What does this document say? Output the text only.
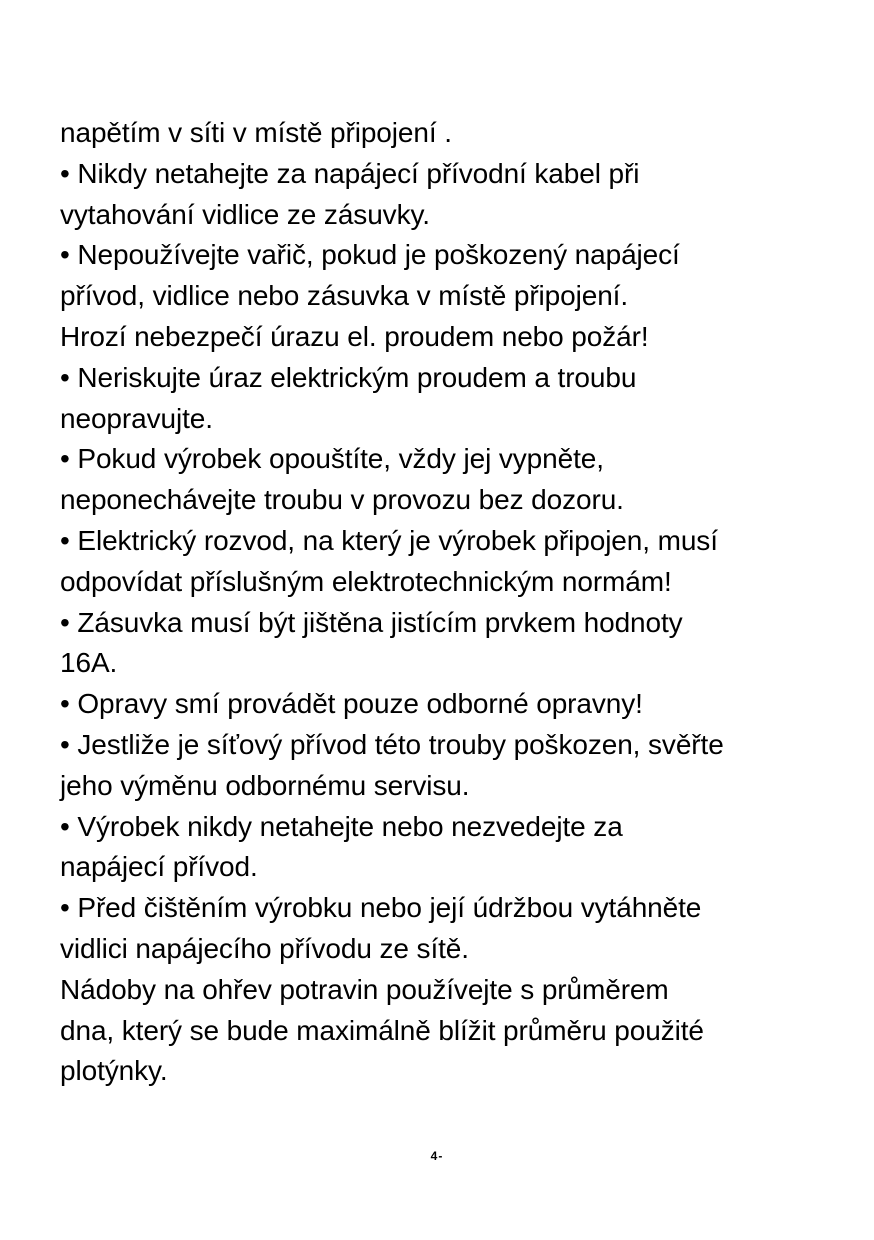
napětím v síti v místě připojení .
• Nikdy netahejte za napájecí přívodní kabel při
vytahování vidlice ze zásuvky.
• Nepoužívejte vařič, pokud je poškozený napájecí
přívod, vidlice nebo zásuvka v místě připojení.
Hrozí nebezpečí úrazu el. proudem nebo požár!
• Neriskujte úraz elektrickým proudem a troubu
neopravujte.
• Pokud výrobek opouštíte, vždy jej vypněte,
neponechávejte troubu v provozu bez dozoru.
• Elektrický rozvod, na který je výrobek připojen, musí
odpovídat příslušným elektrotechnickým normám!
• Zásuvka musí být jištěna jistícím prvkem hodnoty
16A.
• Opravy smí provádět pouze odborné opravny!
• Jestliže je síťový přívod této trouby poškozen, svěřte
jeho výměnu odbornému servisu.
• Výrobek nikdy netahejte nebo nezvedejte za
napájecí přívod.
• Před čištěním výrobku nebo její údržbou vytáhněte
vidlici napájecího přívodu ze sítě.
Nádoby na ohřev potravin používejte s průměrem
dna, který se bude maximálně blížit průměru použité
plotýnky.
4-
